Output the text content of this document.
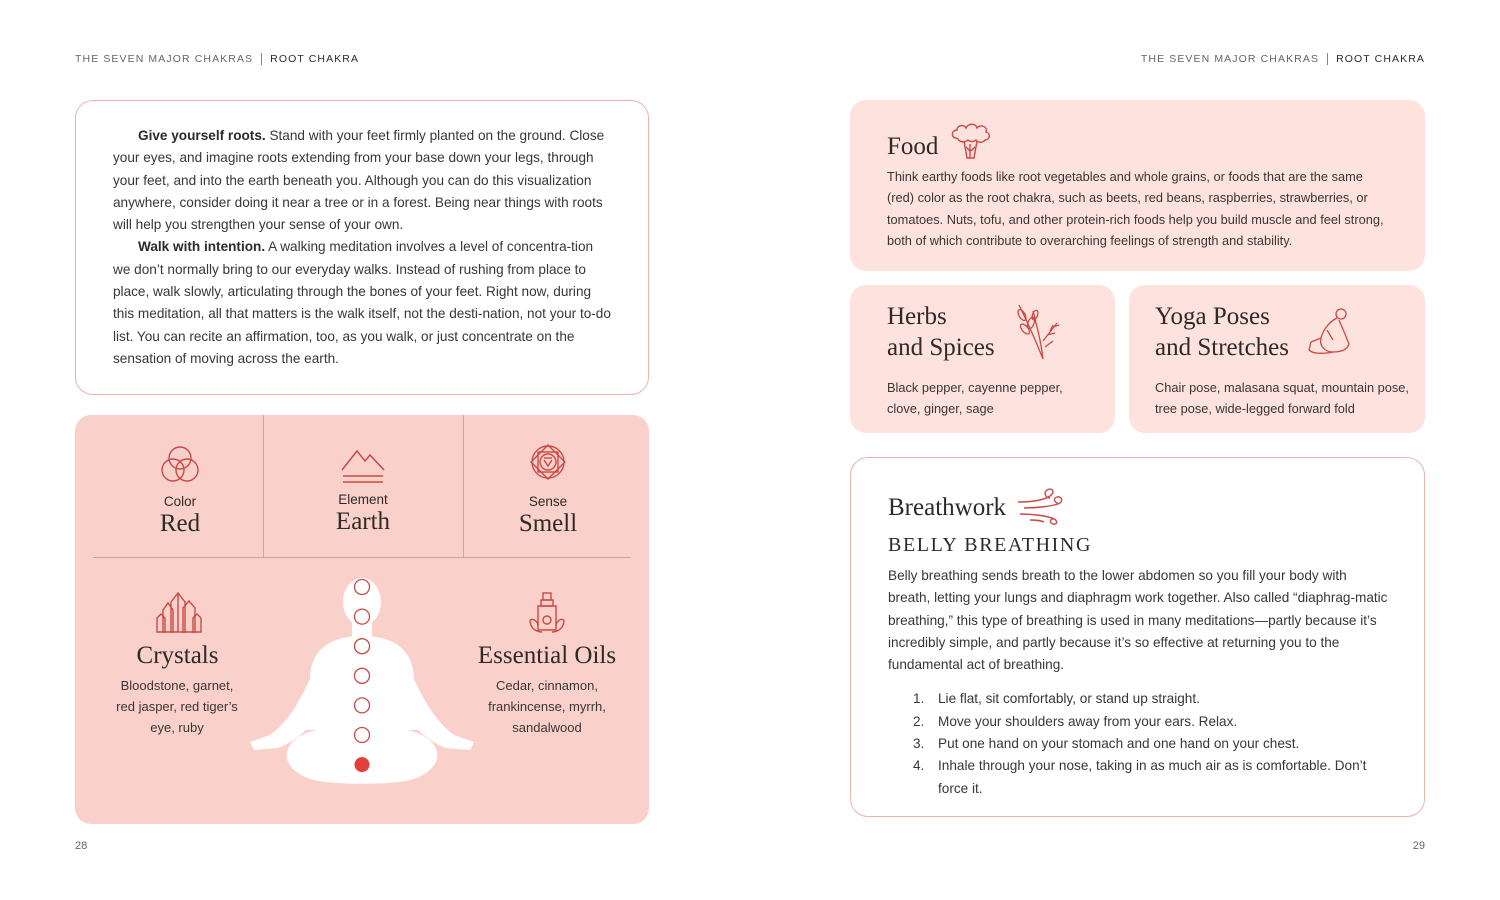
THE SEVEN MAJOR CHAKRAS ROOT CHAKRA	THE SEVEN MAJOR CHAKRAS ROOT CHAKRA

Give yourself roots. Stand with your feet firmly planted on the ground. Close your eyes, and imagine roots extending from your base down your legs, through your feet, and into the earth beneath you. Although you can do this visualization anywhere, consider doing it near a tree or in a forest. Being near things with roots will help you strengthen your sense of your own.

Walk with intention. A walking meditation involves a level of concentra-tion we don’t normally bring to our everyday walks. Instead of rushing from place to place, walk slowly, articulating through the bones of your feet. Right now, during this meditation, all that matters is the walk itself, not the desti-nation, not your to-do list. You can recite an affirmation, too, as you walk, or just concentrate on the sensation of moving across the earth.

Color
Red
Element
Earth
Sense
Smell
Crystals
Bloodstone, garnet, red jasper, red tiger’s eye, ruby
Essential Oils
Cedar, cinnamon, frankincense, myrrh, sandalwood
Food
Think earthy foods like root vegetables and whole grains, or foods that are the same (red) color as the root chakra, such as beets, red beans, raspberries, strawberries, or tomatoes. Nuts, tofu, and other protein-rich foods help you build muscle and feel strong, both of which contribute to overarching feelings of strength and stability.
Herbs
and Spices
Black pepper, cayenne pepper, clove, ginger, sage
Yoga Poses
and Stretches
Chair pose, malasana squat, mountain pose, tree pose, wide-legged forward fold
Breathwork
BELLY BREATHING

Belly breathing sends breath to the lower abdomen so you fill your body with breath, letting your lungs and diaphragm work together. Also called “diaphrag-matic breathing,” this type of breathing is used in many meditations—partly because it’s incredibly simple, and partly because it’s so effective at returning you to the fundamental act of breathing.

1.	Lie flat, sit comfortably, or stand up straight.
2.	Move your shoulders away from your ears. Relax.
3.	Put one hand on your stomach and one hand on your chest.
4.	Inhale through your nose, taking in as much air as is comfortable. Don’t force it.
28	29
